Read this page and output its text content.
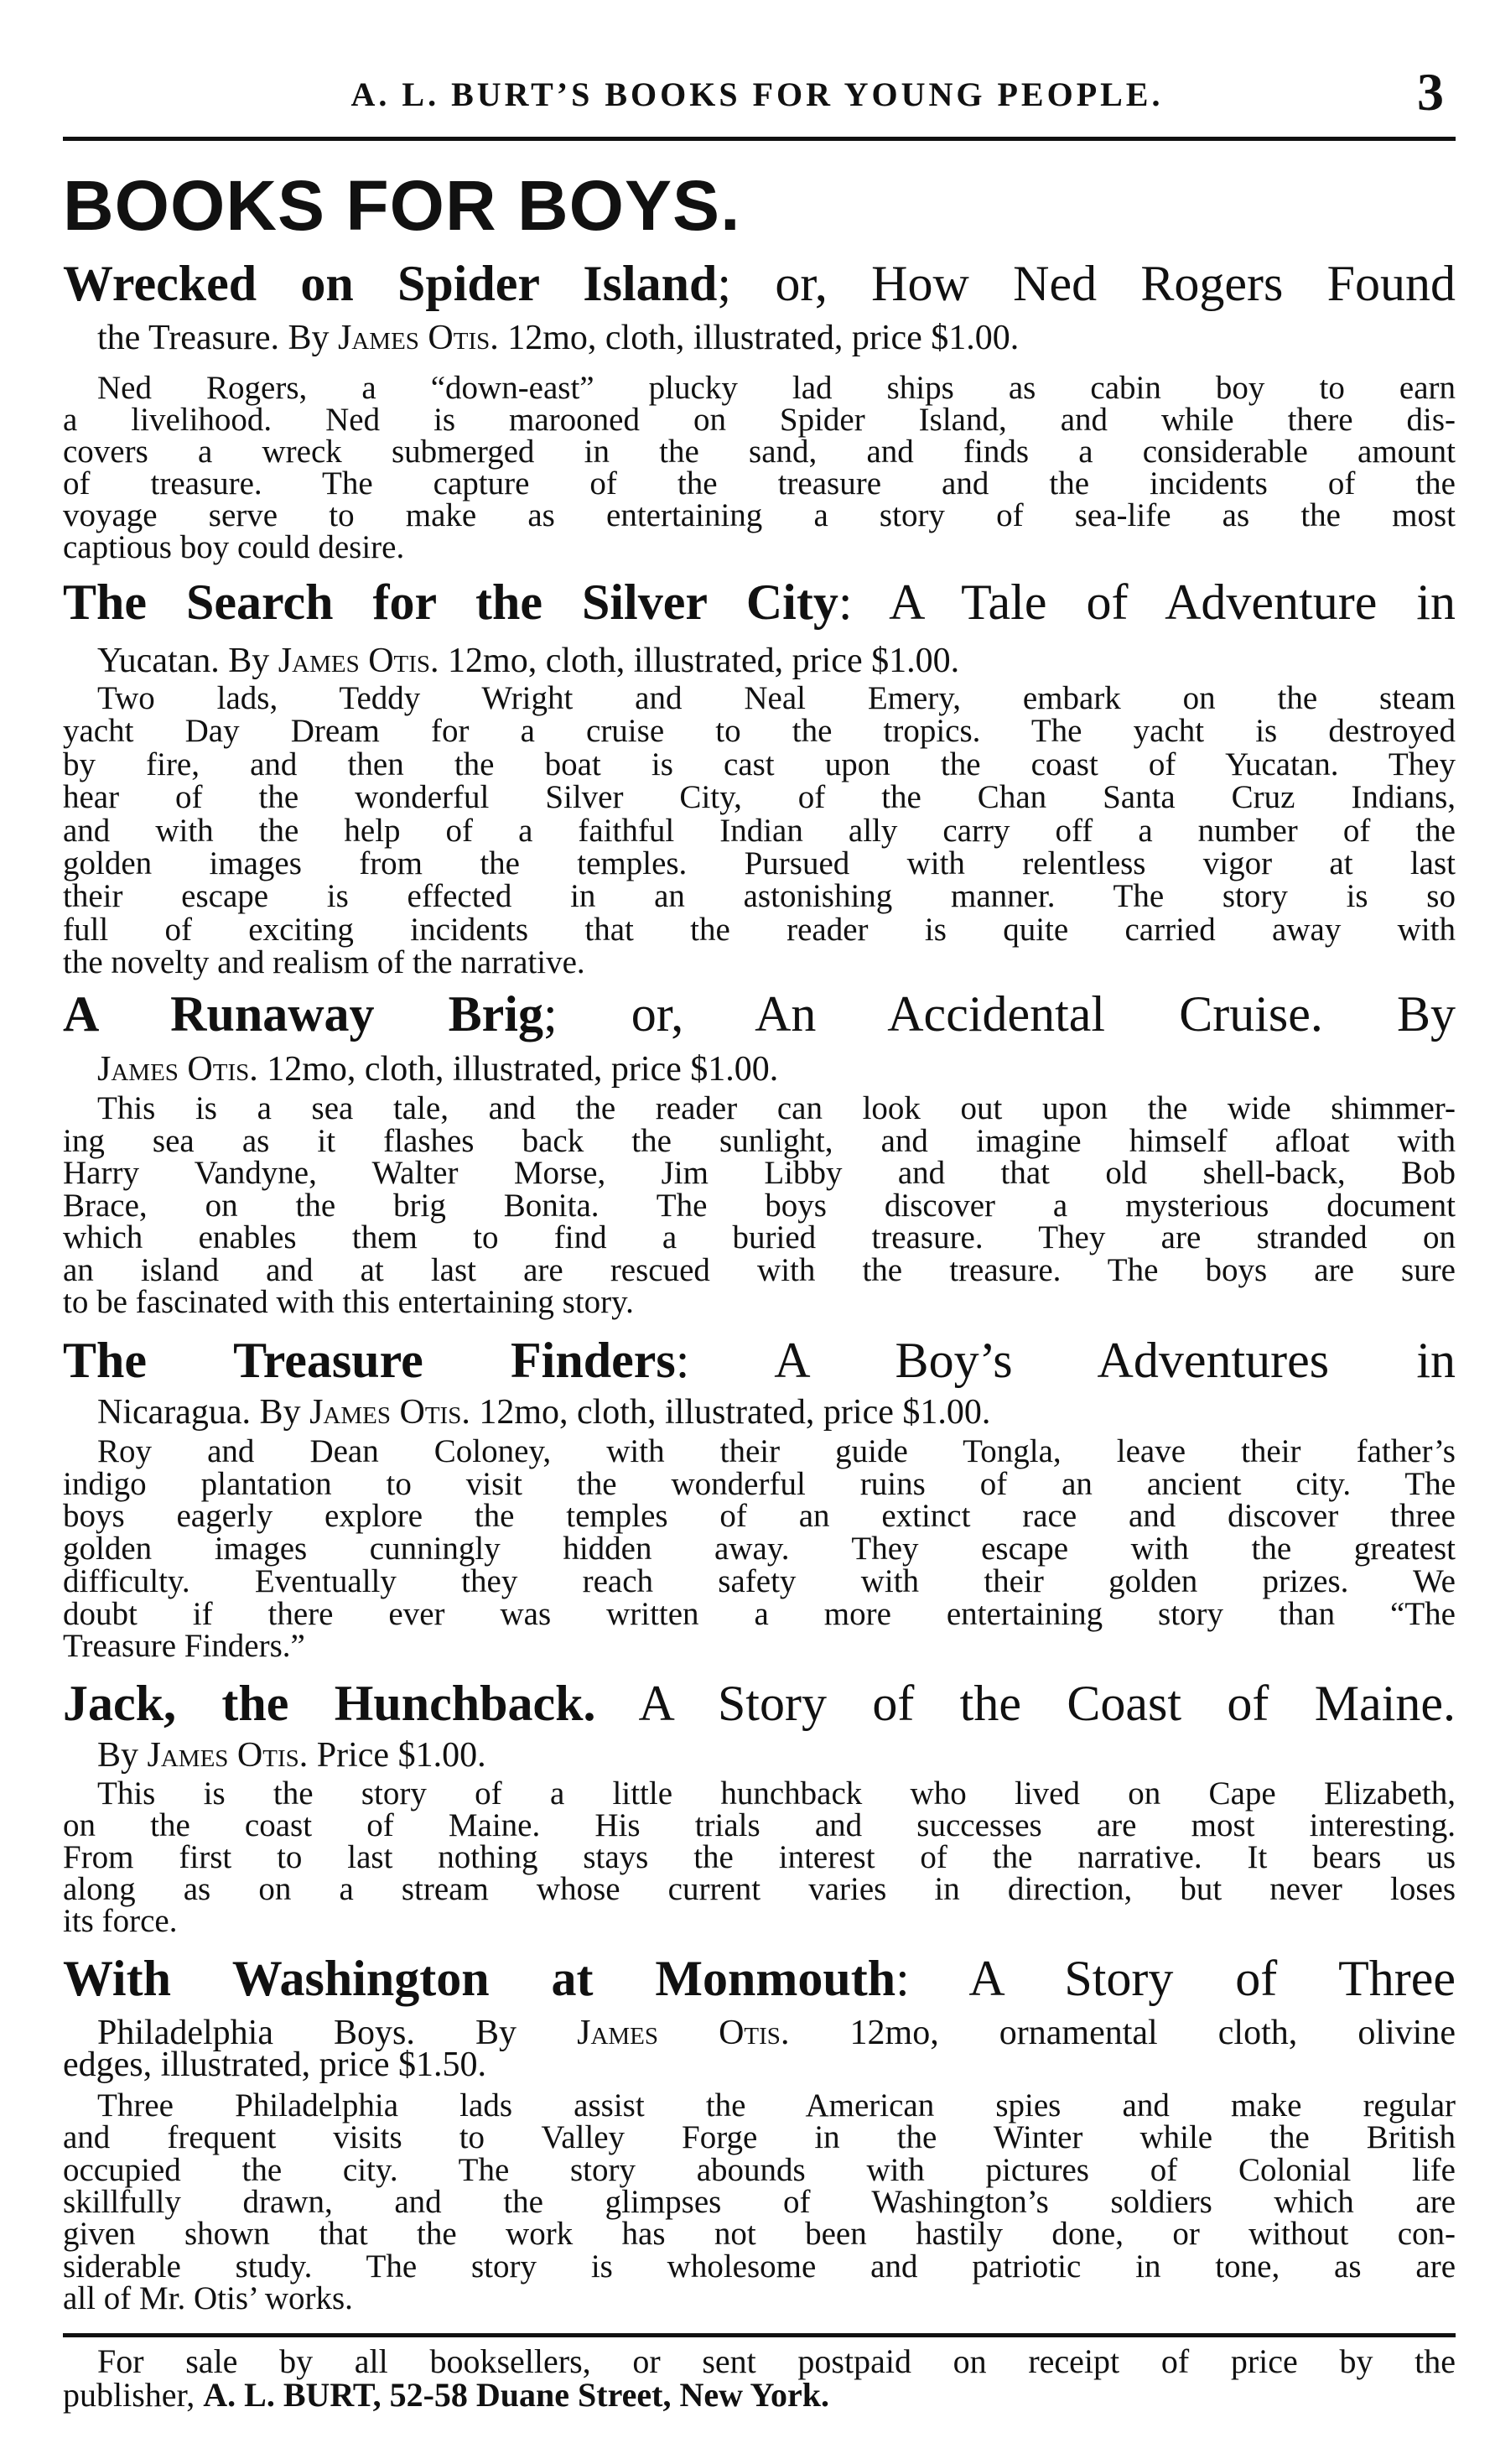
A. L. BURT’S BOOKS FOR YOUNG PEOPLE.	3
BOOKS FOR BOYS.
Wrecked on Spider Island; or, How Ned Rogers Found
the Treasure. By James Otis. 12mo, cloth, illustrated, price $1.00.
Ned Rogers, a “down-east” plucky lad ships as cabin boy to earn
a livelihood. Ned is marooned on Spider Island, and while there dis-
covers a wreck submerged in the sand, and finds a considerable amount
of treasure. The capture of the treasure and the incidents of the
voyage serve to make as entertaining a story of sea-life as the most
captious boy could desire.
The Search for the Silver City: A Tale of Adventure in
Yucatan. By James Otis. 12mo, cloth, illustrated, price $1.00.
Two lads, Teddy Wright and Neal Emery, embark on the steam
yacht Day Dream for a cruise to the tropics. The yacht is destroyed
by fire, and then the boat is cast upon the coast of Yucatan. They
hear of the wonderful Silver City, of the Chan Santa Cruz Indians,
and with the help of a faithful Indian ally carry off a number of the
golden images from the temples. Pursued with relentless vigor at last
their escape is effected in an astonishing manner. The story is so
full of exciting incidents that the reader is quite carried away with
the novelty and realism of the narrative.
A Runaway Brig; or, An Accidental Cruise. By
James Otis. 12mo, cloth, illustrated, price $1.00.
This is a sea tale, and the reader can look out upon the wide shimmer-
ing sea as it flashes back the sunlight, and imagine himself afloat with
Harry Vandyne, Walter Morse, Jim Libby and that old shell-back, Bob
Brace, on the brig Bonita. The boys discover a mysterious document
which enables them to find a buried treasure. They are stranded on
an island and at last are rescued with the treasure. The boys are sure
to be fascinated with this entertaining story.
The Treasure Finders: A Boy’s Adventures in
Nicaragua. By James Otis. 12mo, cloth, illustrated, price $1.00.
Roy and Dean Coloney, with their guide Tongla, leave their father’s
indigo plantation to visit the wonderful ruins of an ancient city. The
boys eagerly explore the temples of an extinct race and discover three
golden images cunningly hidden away. They escape with the greatest
difficulty. Eventually they reach safety with their golden prizes. We
doubt if there ever was written a more entertaining story than “The
Treasure Finders.”
Jack, the Hunchback. A Story of the Coast of Maine.
By James Otis. Price $1.00.
This is the story of a little hunchback who lived on Cape Elizabeth,
on the coast of Maine. His trials and successes are most interesting.
From first to last nothing stays the interest of the narrative. It bears us
along as on a stream whose current varies in direction, but never loses
its force.
With Washington at Monmouth: A Story of Three
Philadelphia Boys. By James Otis. 12mo, ornamental cloth, olivine
edges, illustrated, price $1.50.
Three Philadelphia lads assist the American spies and make regular
and frequent visits to Valley Forge in the Winter while the British
occupied the city. The story abounds with pictures of Colonial life
skillfully drawn, and the glimpses of Washington’s soldiers which are
given shown that the work has not been hastily done, or without con-
siderable study. The story is wholesome and patriotic in tone, as are
all of Mr. Otis’ works.
For sale by all booksellers, or sent postpaid on receipt of price by the
publisher, A. L. BURT, 52-58 Duane Street, New York.
